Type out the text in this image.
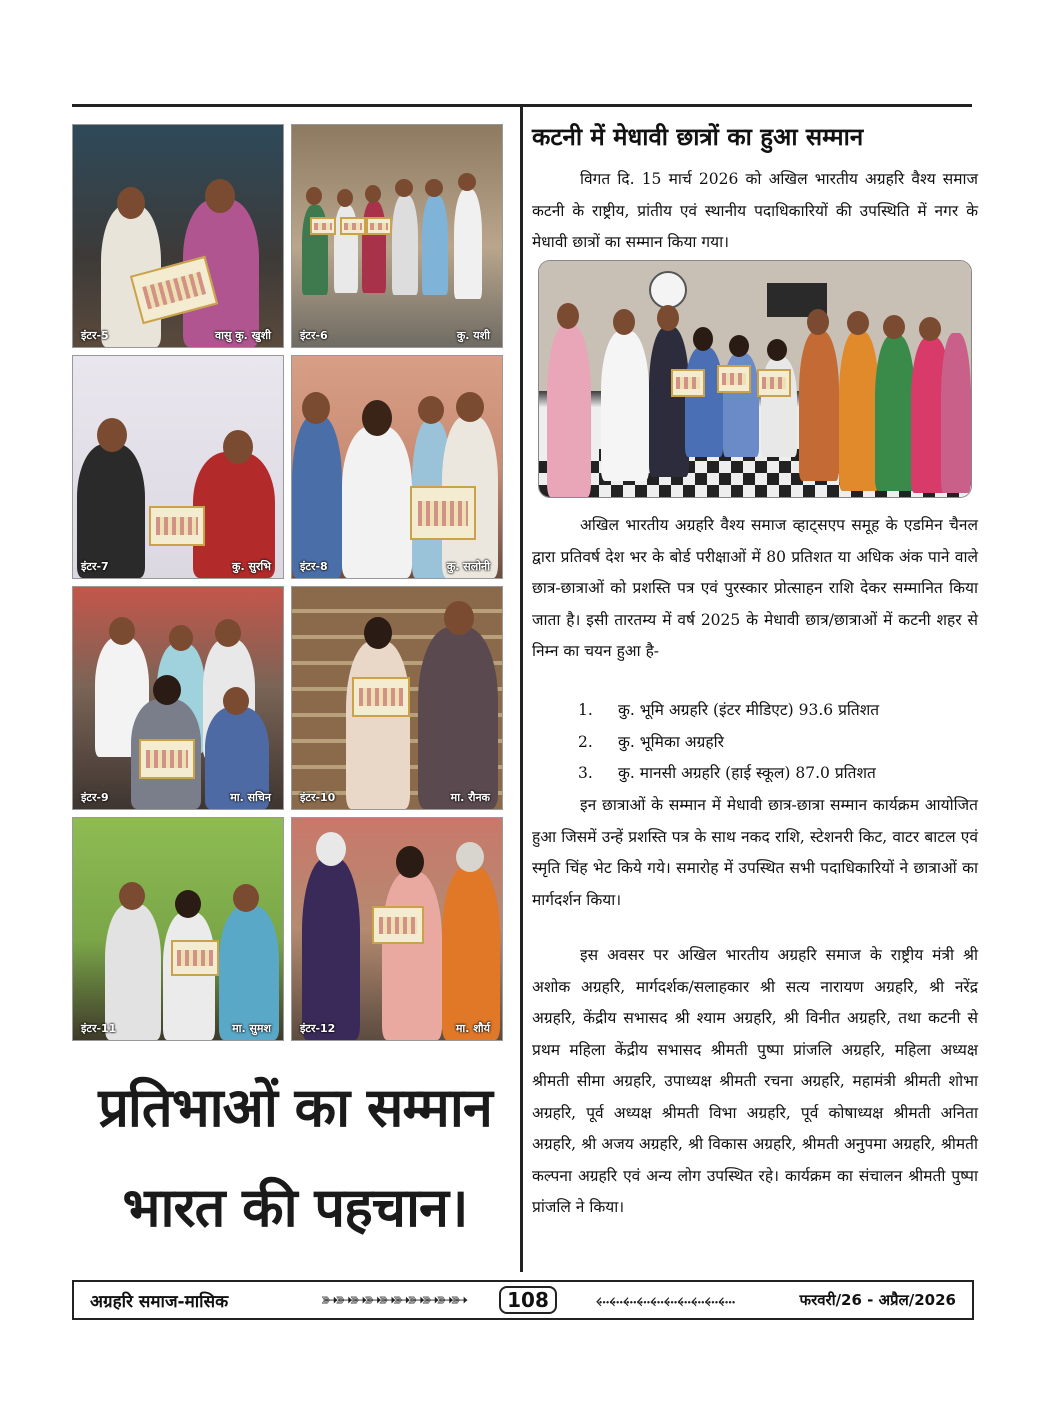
इंटर-5	वासु कु. खुशी	इंटर-6	कु. यशी
इंटर-7	कु. सुरभि	इंटर-8	कु. सलोनी
इंटर-9	मा. सचिन	इंटर-10	मा. रौनक
इंटर-11	मा. सुमश	इंटर-12	मा. शौर्य
प्रतिभाओं का सम्मान
भारत की पहचान।
कटनी में मेधावी छात्रों का हुआ सम्मान
विगत दि. 15 मार्च 2026 को अखिल भारतीय अग्रहरि वैश्य समाज कटनी के राष्ट्रीय, प्रांतीय एवं स्थानीय पदाधिकारियों की उपस्थिति में नगर के मेधावी छात्रों का सम्मान किया गया।
अखिल भारतीय अग्रहरि वैश्य समाज व्हाट्सएप समूह के एडमिन चैनल द्वारा प्रतिवर्ष देश भर के बोर्ड परीक्षाओं में 80 प्रतिशत या अधिक अंक पाने वाले छात्र-छात्राओं को प्रशस्ति पत्र एवं पुरस्कार प्रोत्साहन राशि देकर सम्मानित किया जाता है। इसी तारतम्य में वर्ष 2025 के मेधावी छात्र/छात्राओं में कटनी शहर से निम्न का चयन हुआ है-
1. कु. भूमि अग्रहरि (इंटर मीडिएट) 93.6 प्रतिशत
2. कु. भूमिका अग्रहरि
3. कु. मानसी अग्रहरि (हाई स्कूल) 87.0 प्रतिशत
इन छात्राओं के सम्मान में मेधावी छात्र-छात्रा सम्मान कार्यक्रम आयोजित हुआ जिसमें उन्हें प्रशस्ति पत्र के साथ नकद राशि, स्टेशनरी किट, वाटर बाटल एवं स्मृति चिंह भेट किये गये। समारोह में उपस्थित सभी पदाधिकारियों ने छात्राओं का मार्गदर्शन किया।
इस अवसर पर अखिल भारतीय अग्रहरि समाज के राष्ट्रीय मंत्री श्री अशोक अग्रहरि, मार्गदर्शक/सलाहकार श्री सत्य नारायण अग्रहरि, श्री नरेंद्र अग्रहरि, केंद्रीय सभासद श्री श्याम अग्रहरि, श्री विनीत अग्रहरि, तथा कटनी से प्रथम महिला केंद्रीय सभासद श्रीमती पुष्पा प्रांजलि अग्रहरि, महिला अध्यक्ष श्रीमती सीमा अग्रहरि, उपाध्यक्ष श्रीमती रचना अग्रहरि, महामंत्री श्रीमती शोभा अग्रहरि, पूर्व अध्यक्ष श्रीमती विभा अग्रहरि, पूर्व कोषाध्यक्ष श्रीमती अनिता अग्रहरि, श्री अजय अग्रहरि, श्री विकास अग्रहरि, श्रीमती अनुपमा अग्रहरि, श्रीमती कल्पना अग्रहरि एवं अन्य लोग उपस्थित रहे। कार्यक्रम का संचालन श्रीमती पुष्पा प्रांजलि ने किया।
अग्रहरि समाज-मासिक	➳➳➳➳➳➳➳➳➳➳	108	⬸⬸⬸⬸⬸⬸⬸⬸⬸⬸	फरवरी/26 - अप्रैल/2026
